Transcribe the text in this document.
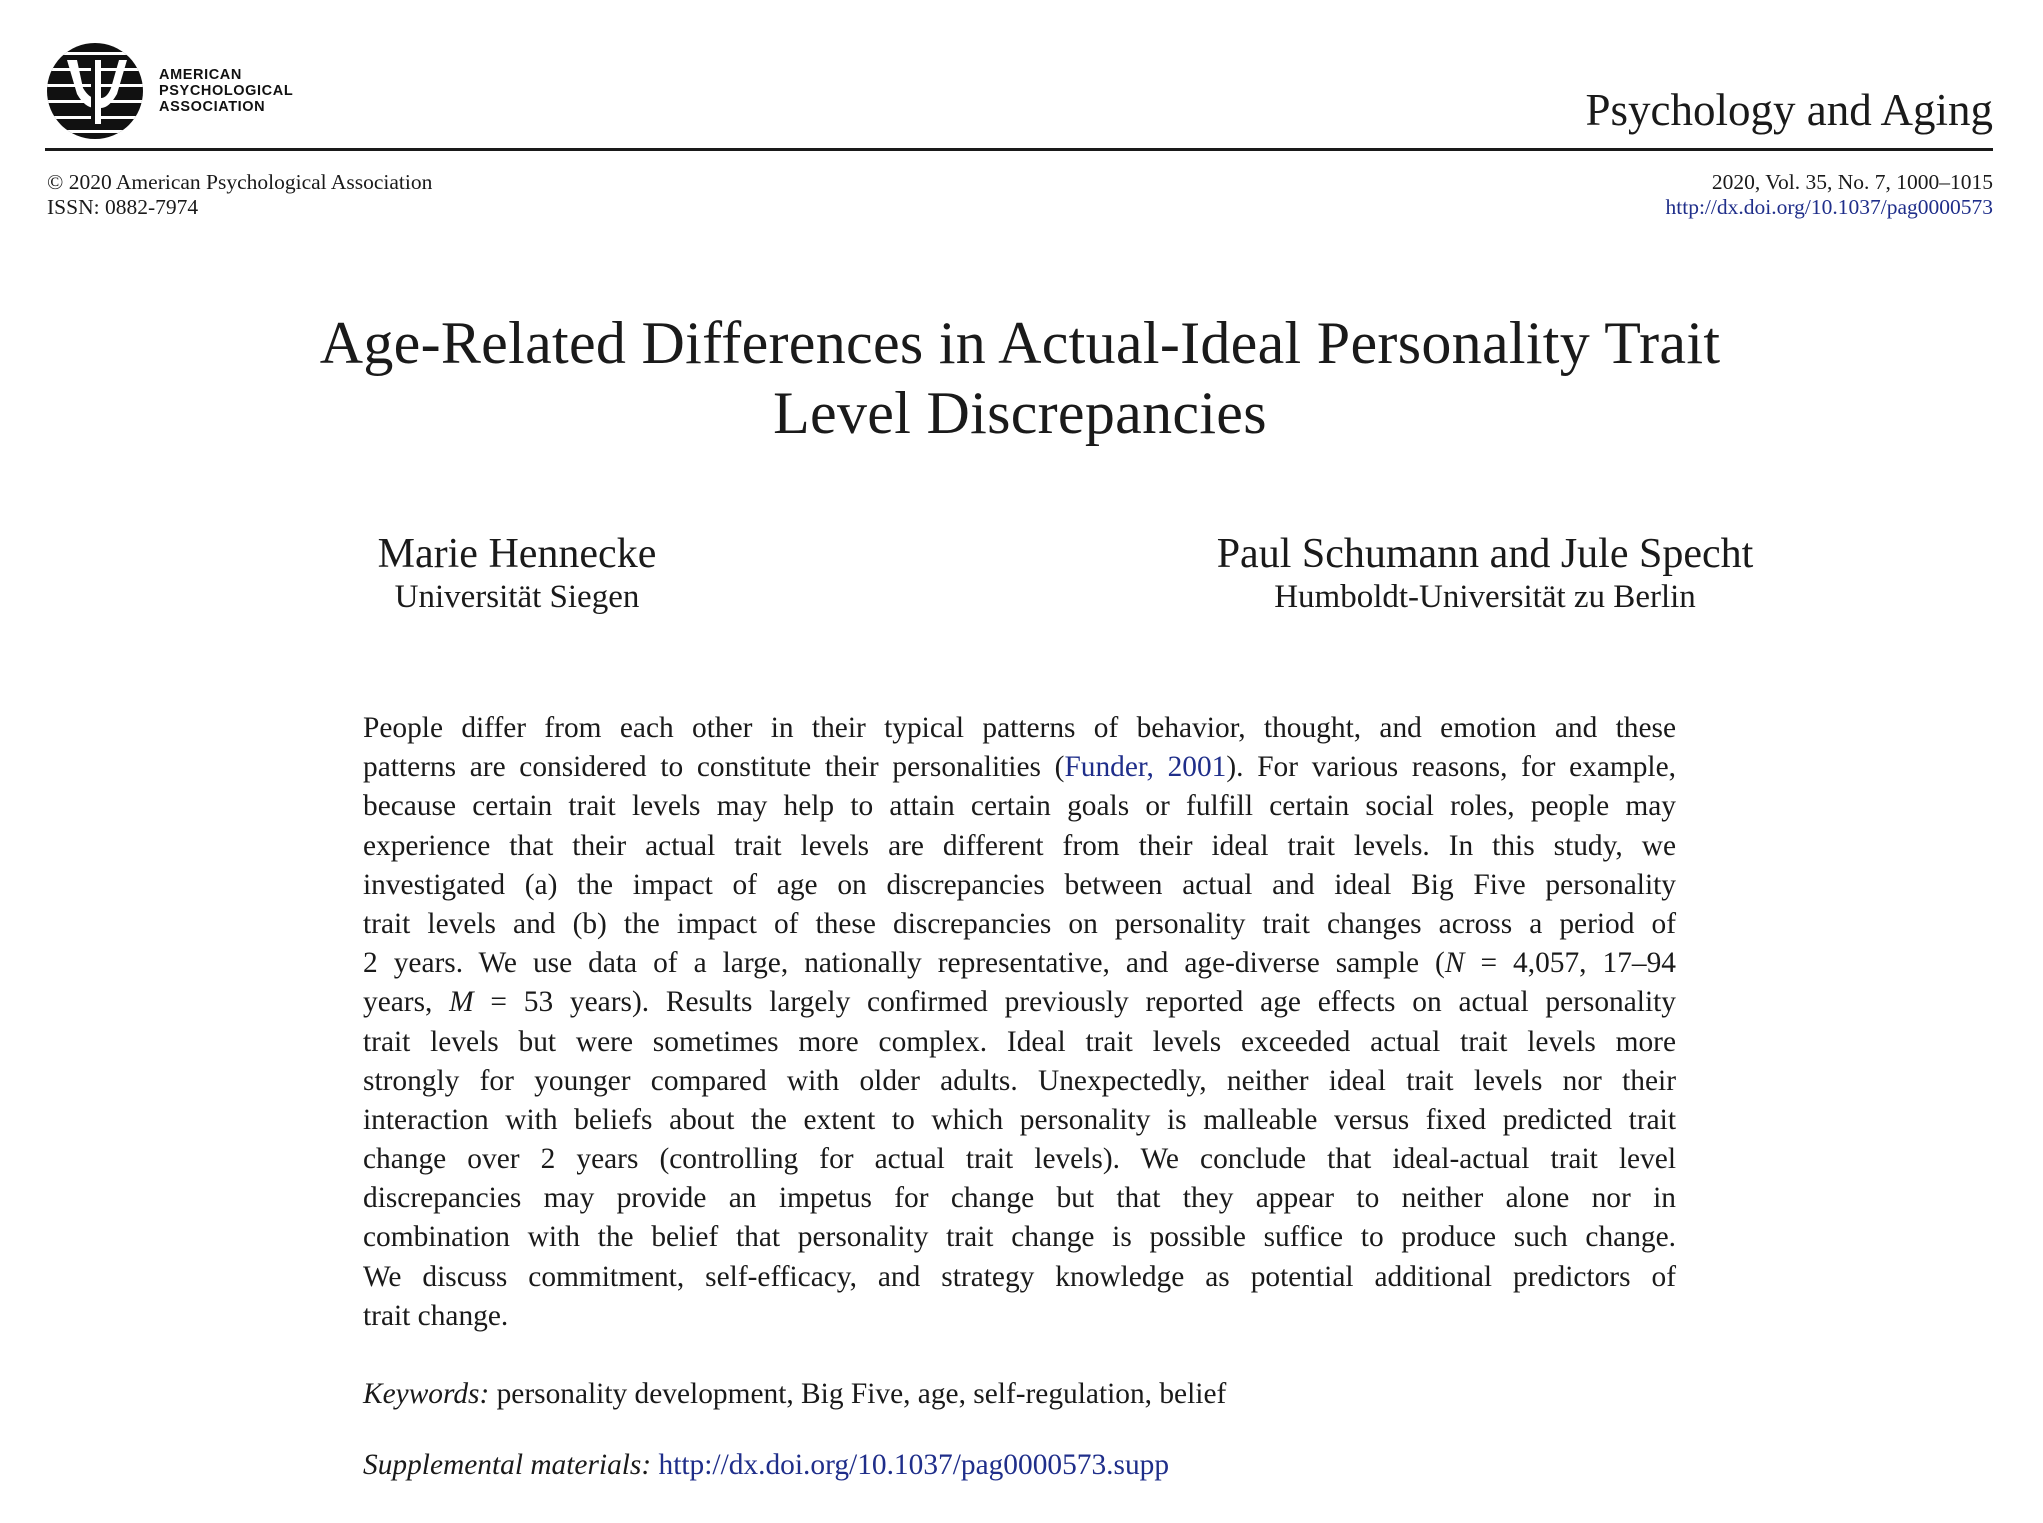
AMERICAN
PSYCHOLOGICAL
ASSOCIATION	Psychology and Aging
© 2020 American Psychological Association
ISSN: 0882-7974
2020, Vol. 35, No. 7, 1000–1015
http://dx.doi.org/10.1037/pag0000573
Age-Related Differences in Actual-Ideal Personality Trait
Level Discrepancies
Marie Hennecke
Universität Siegen
Paul Schumann and Jule Specht
Humboldt-Universität zu Berlin
People differ from each other in their typical patterns of behavior, thought, and emotion and these
patterns are considered to constitute their personalities (Funder, 2001). For various reasons, for example,
because certain trait levels may help to attain certain goals or fulfill certain social roles, people may
experience that their actual trait levels are different from their ideal trait levels. In this study, we
investigated (a) the impact of age on discrepancies between actual and ideal Big Five personality
trait levels and (b) the impact of these discrepancies on personality trait changes across a period of
2 years. We use data of a large, nationally representative, and age-diverse sample (N = 4,057, 17–94
years, M = 53 years). Results largely confirmed previously reported age effects on actual personality
trait levels but were sometimes more complex. Ideal trait levels exceeded actual trait levels more
strongly for younger compared with older adults. Unexpectedly, neither ideal trait levels nor their
interaction with beliefs about the extent to which personality is malleable versus fixed predicted trait
change over 2 years (controlling for actual trait levels). We conclude that ideal-actual trait level
discrepancies may provide an impetus for change but that they appear to neither alone nor in
combination with the belief that personality trait change is possible suffice to produce such change.
We discuss commitment, self-efficacy, and strategy knowledge as potential additional predictors of
trait change.
Keywords: personality development, Big Five, age, self-regulation, belief
Supplemental materials: http://dx.doi.org/10.1037/pag0000573.supp
